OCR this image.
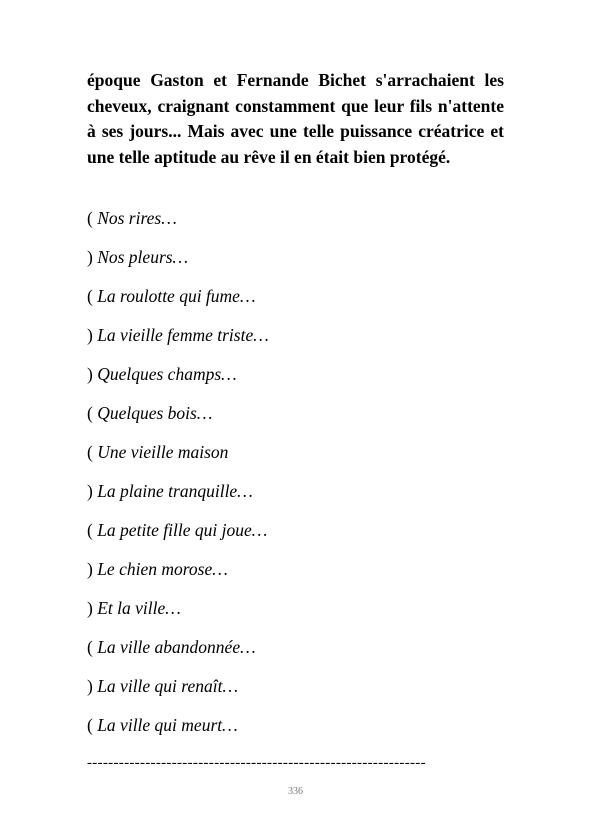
époque Gaston et Fernande Bichet s'arrachaient les cheveux, craignant constamment que leur fils n'attente à ses jours... Mais avec une telle puissance créatrice et une telle aptitude au rêve il en était bien protégé.

( Nos rires…
) Nos pleurs…
( La roulotte qui fume…
) La vieille femme triste…
) Quelques champs…
( Quelques bois…
( Une vieille maison
) La plaine tranquille…
( La petite fille qui joue…
) Le chien morose…
) Et la ville…
( La ville abandonnée…
) La ville qui renaît…
( La ville qui meurt…
----------------------------------------------------------------
336
